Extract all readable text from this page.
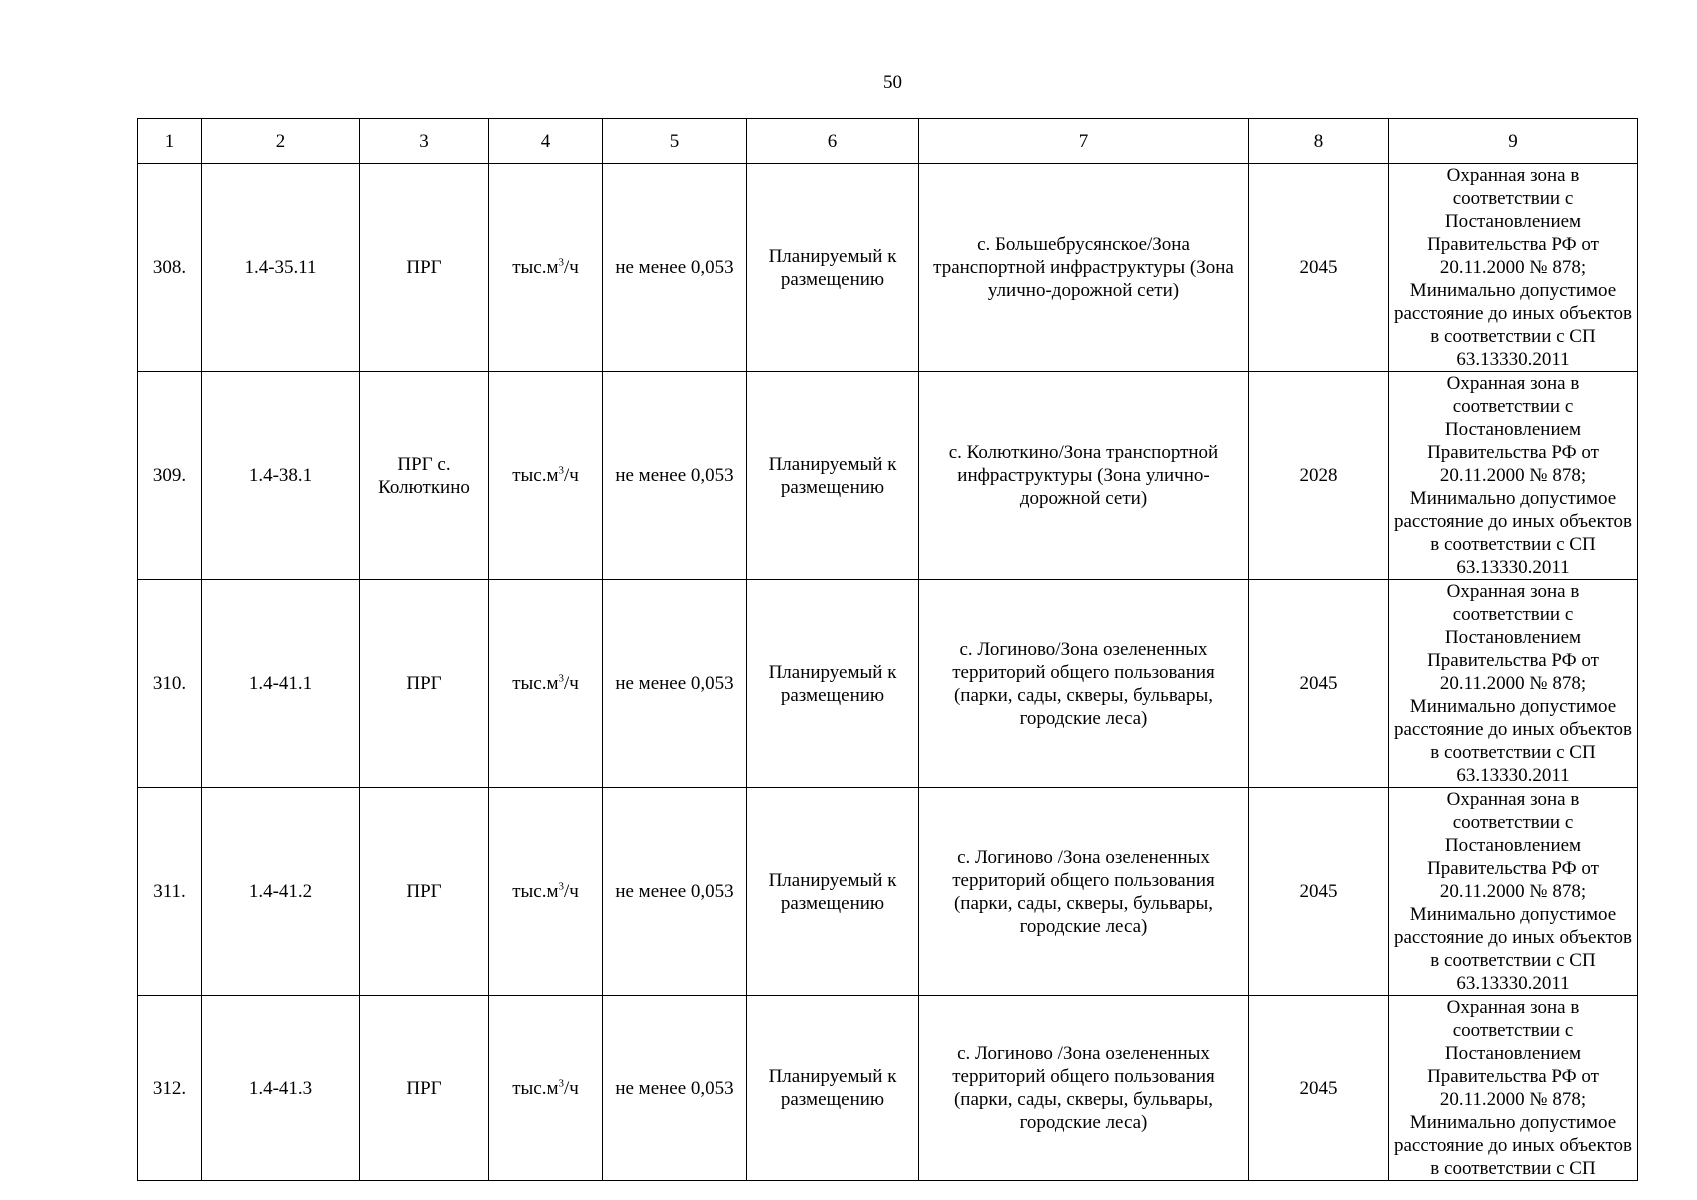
50
1	2	3	4	5	6	7	8	9
308.	1.4-35.11	ПРГ	$тыс.м^3/ч$	не менее 0,053	Планируемый к размещению	с. Большебрусянское/Зона транспортной инфраструктуры (Зона улично-дорожной сети)	2045	Охранная зона в соответствии с Постановлением Правительства РФ от 20.11.2000 № 878; Минимально допустимое расстояние до иных объектов в соответствии с СП 63.13330.2011
309.	1.4-38.1	ПРГ с. Колюткино	$тыс.м^3/ч$	не менее 0,053	Планируемый к размещению	с. Колюткино/Зона транспортной инфраструктуры (Зона улично-дорожной сети)	2028	Охранная зона в соответствии с Постановлением Правительства РФ от 20.11.2000 № 878; Минимально допустимое расстояние до иных объектов в соответствии с СП 63.13330.2011
310.	1.4-41.1	ПРГ	$тыс.м^3/ч$	не менее 0,053	Планируемый к размещению	с. Логиново/Зона озелененных территорий общего пользования (парки, сады, скверы, бульвары, городские леса)	2045	Охранная зона в соответствии с Постановлением Правительства РФ от 20.11.2000 № 878; Минимально допустимое расстояние до иных объектов в соответствии с СП 63.13330.2011
311.	1.4-41.2	ПРГ	$тыс.м^3/ч$	не менее 0,053	Планируемый к размещению	с. Логиново /Зона озелененных территорий общего пользования (парки, сады, скверы, бульвары, городские леса)	2045	Охранная зона в соответствии с Постановлением Правительства РФ от 20.11.2000 № 878; Минимально допустимое расстояние до иных объектов в соответствии с СП 63.13330.2011
312.	1.4-41.3	ПРГ	$тыс.м^3/ч$	не менее 0,053	Планируемый к размещению	с. Логиново /Зона озелененных территорий общего пользования (парки, сады, скверы, бульвары, городские леса)	2045	Охранная зона в соответствии с Постановлением Правительства РФ от 20.11.2000 № 878; Минимально допустимое расстояние до иных объектов в соответствии с СП
